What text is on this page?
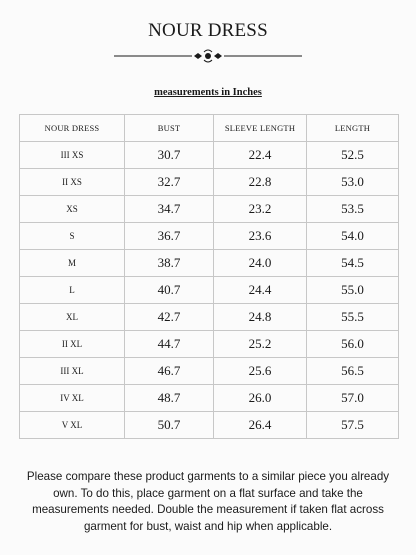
NOUR DRESS

measurements in Inches

NOUR DRESS	BUST	SLEEVE LENGTH	LENGTH
III XS	30.7	22.4	52.5
II XS	32.7	22.8	53.0
XS	34.7	23.2	53.5
S	36.7	23.6	54.0
M	38.7	24.0	54.5
L	40.7	24.4	55.0
XL	42.7	24.8	55.5
II XL	44.7	25.2	56.0
III XL	46.7	25.6	56.5
IV XL	48.7	26.0	57.0
V XL	50.7	26.4	57.5

Please compare these product garments to a similar piece you already own. To do this, place garment on a flat surface and take the measurements needed. Double the measurement if taken flat across garment for bust, waist and hip when applicable.
